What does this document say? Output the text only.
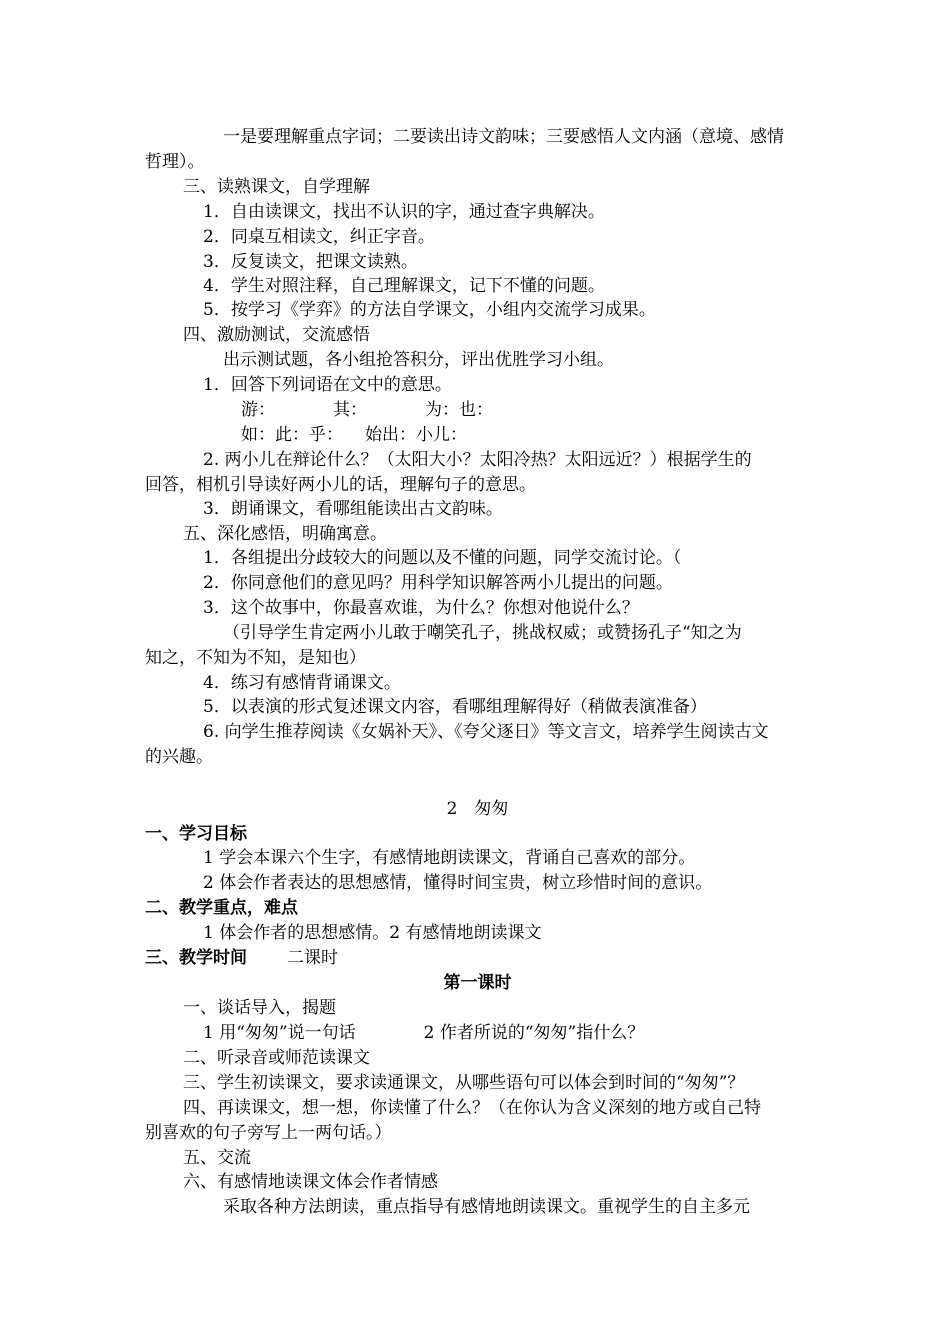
一是要理解重点字词；二要读出诗文韵味；三要感悟人文内涵（意境、感情
哲理）。
三、读熟课文，自学理解
1．自由读课文，找出不认识的字，通过查字典解决。
2．同桌互相读文，纠正字音。
3．反复读文，把课文读熟。
4．学生对照注释，自己理解课文，记下不懂的问题。
5．按学习《学弈》的方法自学课文，小组内交流学习成果。
四、激励测试，交流感悟
出示测试题，各小组抢答积分，评出优胜学习小组。
1．回答下列词语在文中的意思。
游：	其：	为：也：
如：此：乎： 始出：小儿：
2. 两小儿在辩论什么？（太阳大小？太阳冷热？太阳远近？）根据学生的
回答，相机引导读好两小儿的话，理解句子的意思。
3．朗诵课文，看哪组能读出古文韵味。
五、深化感悟，明确寓意。
1．各组提出分歧较大的问题以及不懂的问题，同学交流讨论。（
2．你同意他们的意见吗？用科学知识解答两小儿提出的问题。
3．这个故事中，你最喜欢谁，为什么？你想对他说什么？
（引导学生肯定两小儿敢于嘲笑孔子，挑战权威；或赞扬孔子“知之为
知之，不知为不知，是知也）
4．练习有感情背诵课文。
5．以表演的形式复述课文内容，看哪组理解得好（稍做表演准备）
6. 向学生推荐阅读《女娲补天》、《夸父逐日》等文言文，培养学生阅读古文
的兴趣。
2　匆匆
一、学习目标
1 学会本课六个生字，有感情地朗读课文，背诵自己喜欢的部分。
2 体会作者表达的思想感情，懂得时间宝贵，树立珍惜时间的意识。
二、教学重点，难点
1 体会作者的思想感情。2 有感情地朗读课文
三、教学时间 二课时
第一课时
一、谈话导入，揭题
1 用“匆匆”说一句话	2 作者所说的“匆匆”指什么？
二、听录音或师范读课文
三、学生初读课文，要求读通课文，从哪些语句可以体会到时间的“匆匆”？
四、再读课文，想一想，你读懂了什么？（在你认为含义深刻的地方或自己特
别喜欢的句子旁写上一两句话。）
五、交流
六、有感情地读课文体会作者情感
采取各种方法朗读，重点指导有感情地朗读课文。重视学生的自主多元
